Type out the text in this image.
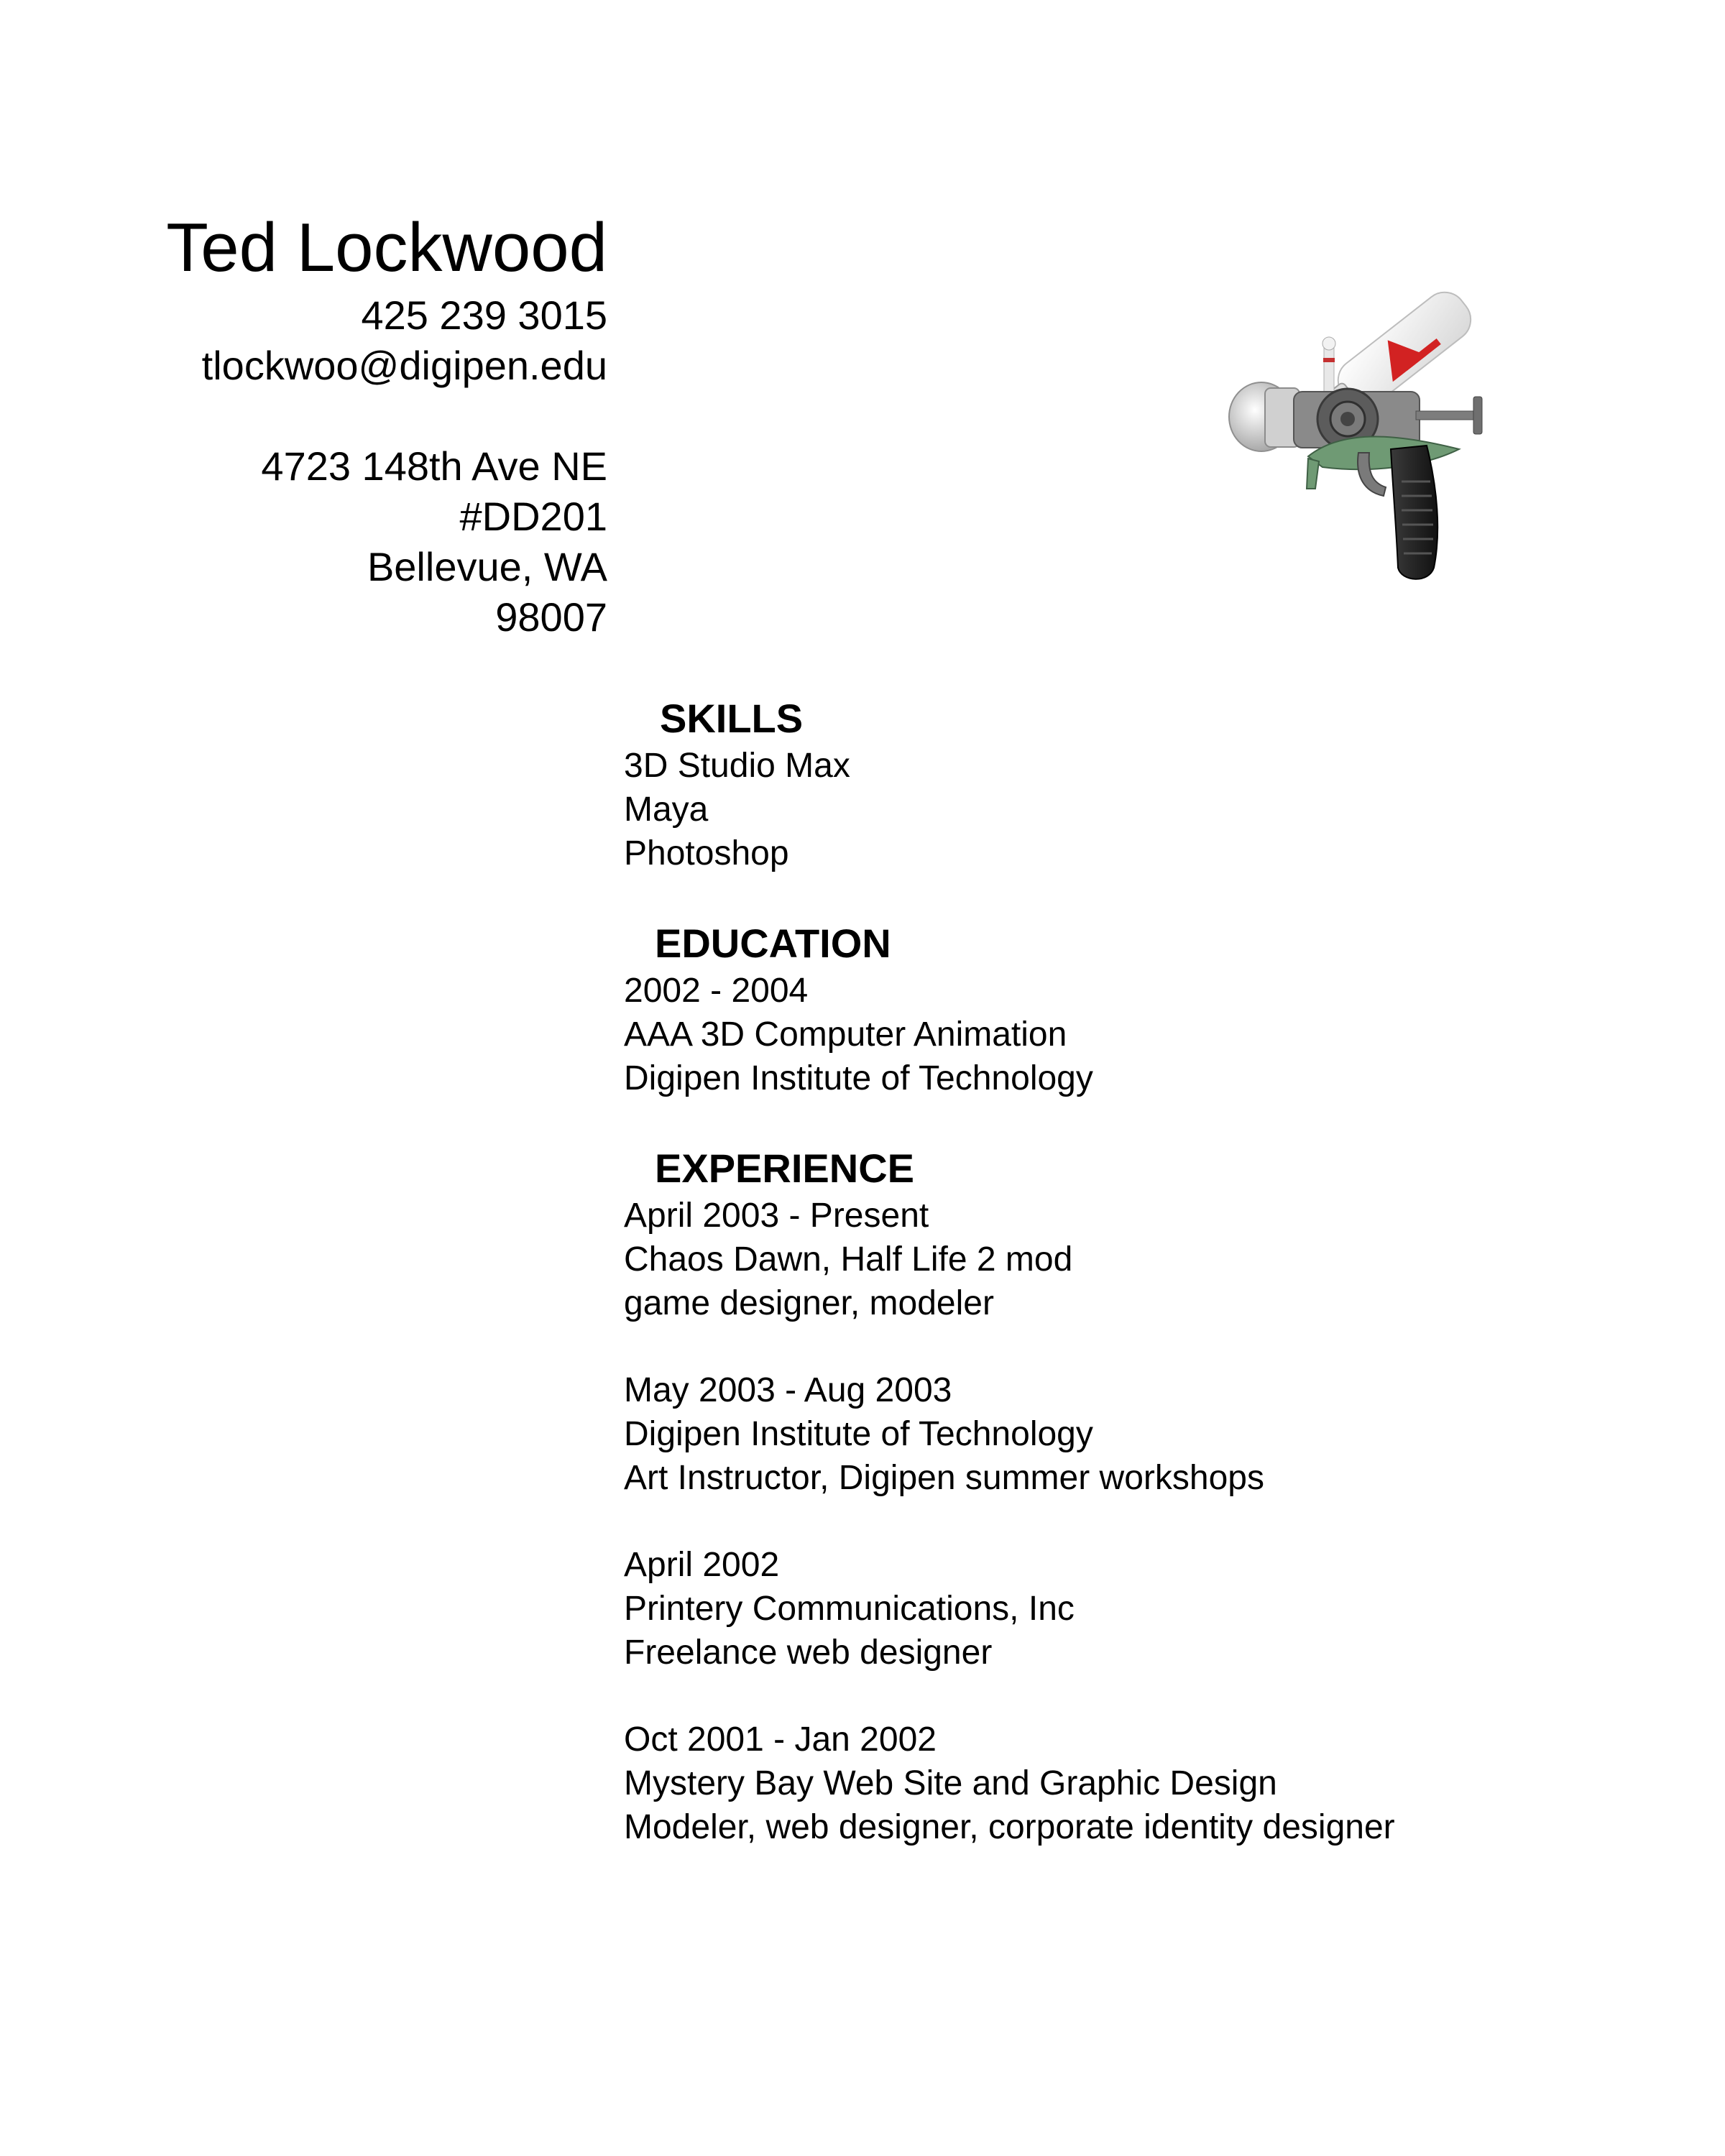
Ted Lockwood
425 239 3015
tlockwoo@digipen.edu
4723 148th Ave NE
#DD201
Bellevue, WA
98007
SKILLS
3D Studio Max
Maya
Photoshop
EDUCATION
2002 - 2004
AAA 3D Computer Animation
Digipen Institute of Technology
EXPERIENCE
April 2003 - Present
Chaos Dawn, Half Life 2 mod
game designer, modeler
May 2003 - Aug 2003
Digipen Institute of Technology
Art Instructor, Digipen summer workshops
April 2002
Printery Communications, Inc
Freelance web designer
Oct 2001 - Jan 2002
Mystery Bay Web Site and Graphic Design
Modeler, web designer, corporate identity designer
